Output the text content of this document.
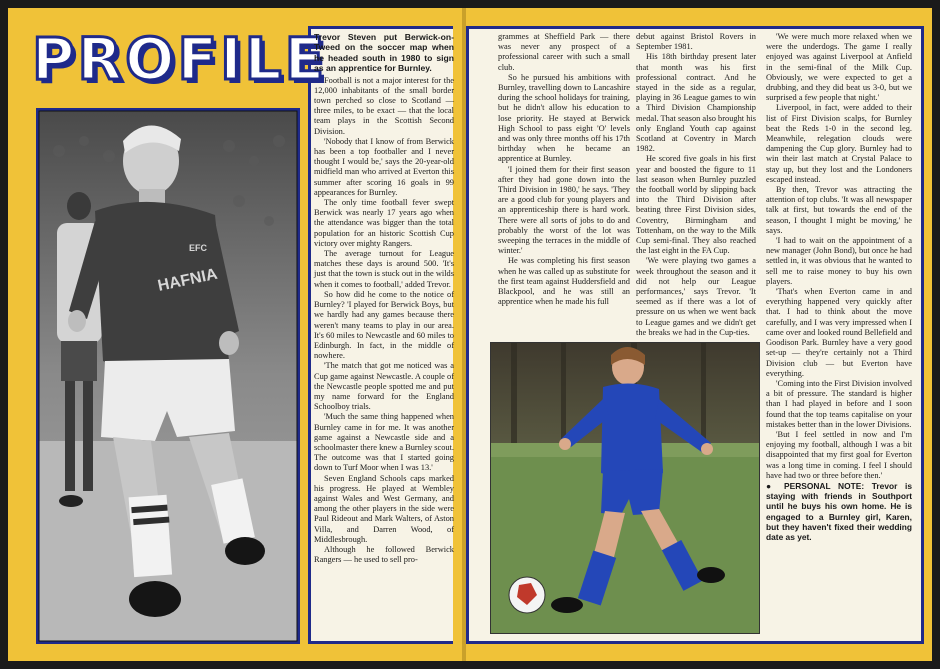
PROFILE
HAFNIA
EFC

Trevor Steven put Berwick-on-Tweed on the soccer map when he headed south in 1980 to sign as an apprentice for Burnley.

Football is not a major interest for the 12,000 inhabitants of the small border town perched so close to Scotland — three miles, to be exact — that the local team plays in the Scottish Second Division.

'Nobody that I know of from Berwick has been a top footballer and I never thought I would be,' says the 20-year-old midfield man who arrived at Everton this summer after scoring 16 goals in 99 appearances for Burnley.

The only time football fever swept Berwick was nearly 17 years ago when the attendance was bigger than the total population for an historic Scottish Cup victory over mighty Rangers.

The average turnout for League matches these days is around 500. 'It's just that the town is stuck out in the wilds when it comes to football,' added Trevor.

So how did he come to the notice of Burnley? 'I played for Berwick Boys, but we hardly had any games because there weren't many teams to play in our area. It's 60 miles to Newcastle and 60 miles to Edinburgh. In fact, in the middle of nowhere.

'The match that got me noticed was a Cup game against Newcastle. A couple of the Newcastle people spotted me and put my name forward for the England Schoolboy trials.

'Much the same thing happened when Burnley came in for me. It was another game against a Newcastle side and a schoolmaster there knew a Burnley scout. The outcome was that I started going down to Turf Moor when I was 13.'

Seven England Schools caps marked his progress. He played at Wembley against Wales and West Germany, and among the other players in the side were Paul Rideout and Mark Walters, of Aston Villa, and Darren Wood, of Middlesbrough.

Although he followed Berwick Rangers — he used to sell pro-

grammes at Sheffield Park — there was never any prospect of a professional career with such a small club.

So he pursued his ambitions with Burnley, travelling down to Lancashire during the school holidays for training, but he didn't allow his education to lose priority. He stayed at Berwick High School to pass eight 'O' levels and was only three months off his 17th birthday when he became an apprentice at Burnley.

'I joined them for their first season after they had gone down into the Third Division in 1980,' he says. 'They are a good club for young players and an apprenticeship there is hard work. There were all sorts of jobs to do and probably the worst of the lot was sweeping the terraces in the middle of winter.'

He was completing his first season when he was called up as substitute for the first team against Huddersfield and Blackpool, and he was still an apprentice when he made his full

debut against Bristol Rovers in September 1981.

His 18th birthday present later that month was his first professional contract. And he stayed in the side as a regular, playing in 36 League games to win a Third Division Championship medal. That season also brought his only England Youth cap against Scotland at Coventry in March 1982.

He scored five goals in his first year and boosted the figure to 11 last season when Burnley puzzled the football world by slipping back into the Third Division after beating three First Division sides, Coventry, Birmingham and Tottenham, on the way to the Milk Cup semi-final. They also reached the last eight in the FA Cup.

'We were playing two games a week throughout the season and it did not help our League performances,' says Trevor. 'It seemed as if there was a lot of pressure on us when we went back to League games and we didn't get the breaks we had in the Cup-ties.

'We were much more relaxed when we were the underdogs. The game I really enjoyed was against Liverpool at Anfield in the semi-final of the Milk Cup. Obviously, we were expected to get a drubbing, and they did beat us 3-0, but we surprised a few people that night.'

Liverpool, in fact, were added to their list of First Division scalps, for Burnley beat the Reds 1-0 in the second leg. Meanwhile, relegation clouds were dampening the Cup glory. Burnley had to win their last match at Crystal Palace to stay up, but they lost and the Londoners escaped instead.

By then, Trevor was attracting the attention of top clubs. 'It was all newspaper talk at first, but towards the end of the season, I thought I might be moving,' he says.

'I had to wait on the appointment of a new manager (John Bond), but once he had settled in, it was obvious that he wanted to sell me to raise money to buy his own players.

'That's when Everton came in and everything happened very quickly after that. I had to think about the move carefully, and I was very impressed when I came over and looked round Bellefield and Goodison Park. Burnley have a very good set-up — they're certainly not a Third Division club — but Everton have everything.

'Coming into the First Division involved a bit of pressure. The standard is higher than I had played in before and I soon found that the top teams capitalise on your mistakes better than in the lower Divisions.

'But I feel settled in now and I'm enjoying my football, although I was a bit disappointed that my first goal for Everton was a long time in coming. I feel I should have had two or three before then.'

● PERSONAL NOTE: Trevor is staying with friends in Southport until he buys his own home. He is engaged to a Burnley girl, Karen, but they haven't fixed their wedding date as yet.
